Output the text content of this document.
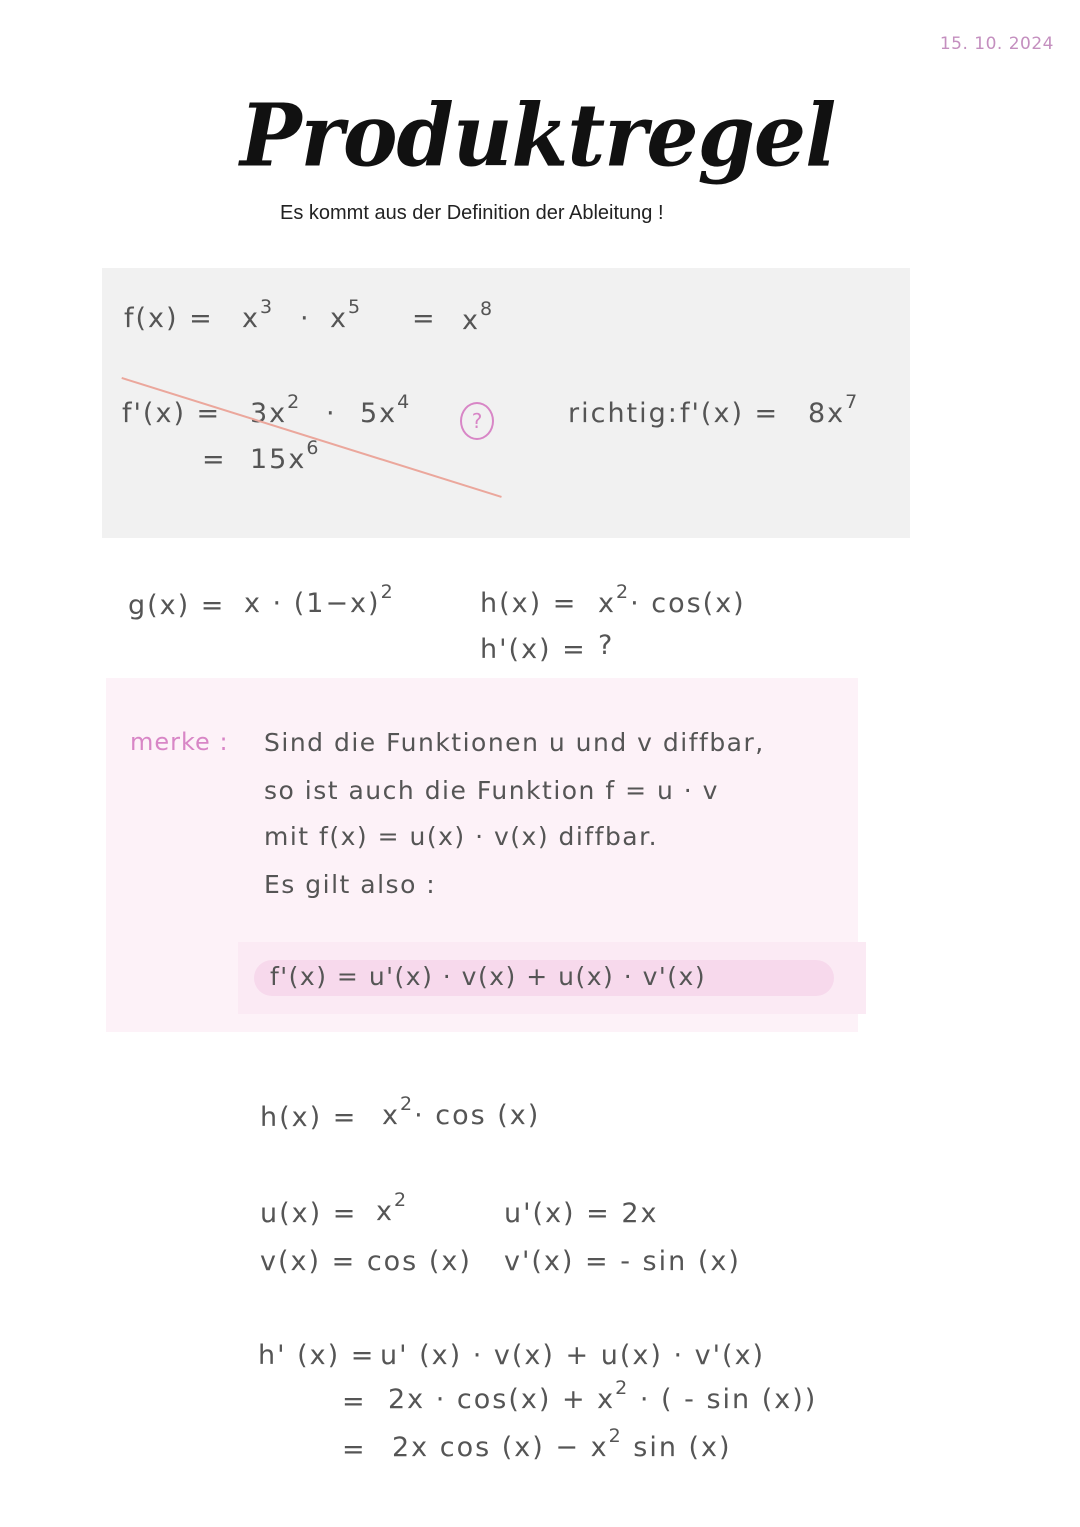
15. 10. 2024
Produktregel
Es kommt aus der Definition der Ableitung !
$f(x) = x^3 \cdot x^5 = x^8$
$f'(x) = 3x^2 \cdot 5x^4$
= $15x^6$
?	richtig: $f'(x) = 8x^7$
$g(x) = x \cdot (1-x)^2$	$h(x) = x^2\cdot \cos(x)$
h'(x) = ?
merke : Sind die Funktionen u und v diffbar,
so ist auch die Funktion f = u · v
mit f(x) = u(x) · v(x) diffbar.
Es gilt also :
f'(x) = u'(x) · v(x) + u(x) · v'(x)
$h(x) = x^2\cdot \cos (x)$
$u(x) = x^2$
v(x) = cos (x)
u'(x) = 2x
v'(x) = - sin (x)
h' (x) = u' (x) · v(x) + u(x) · v'(x)
= $2x \cdot \cos(x) + x^2$ · ( - sin (x))
= 2x $\cos (x) - x^2$ sin (x)
